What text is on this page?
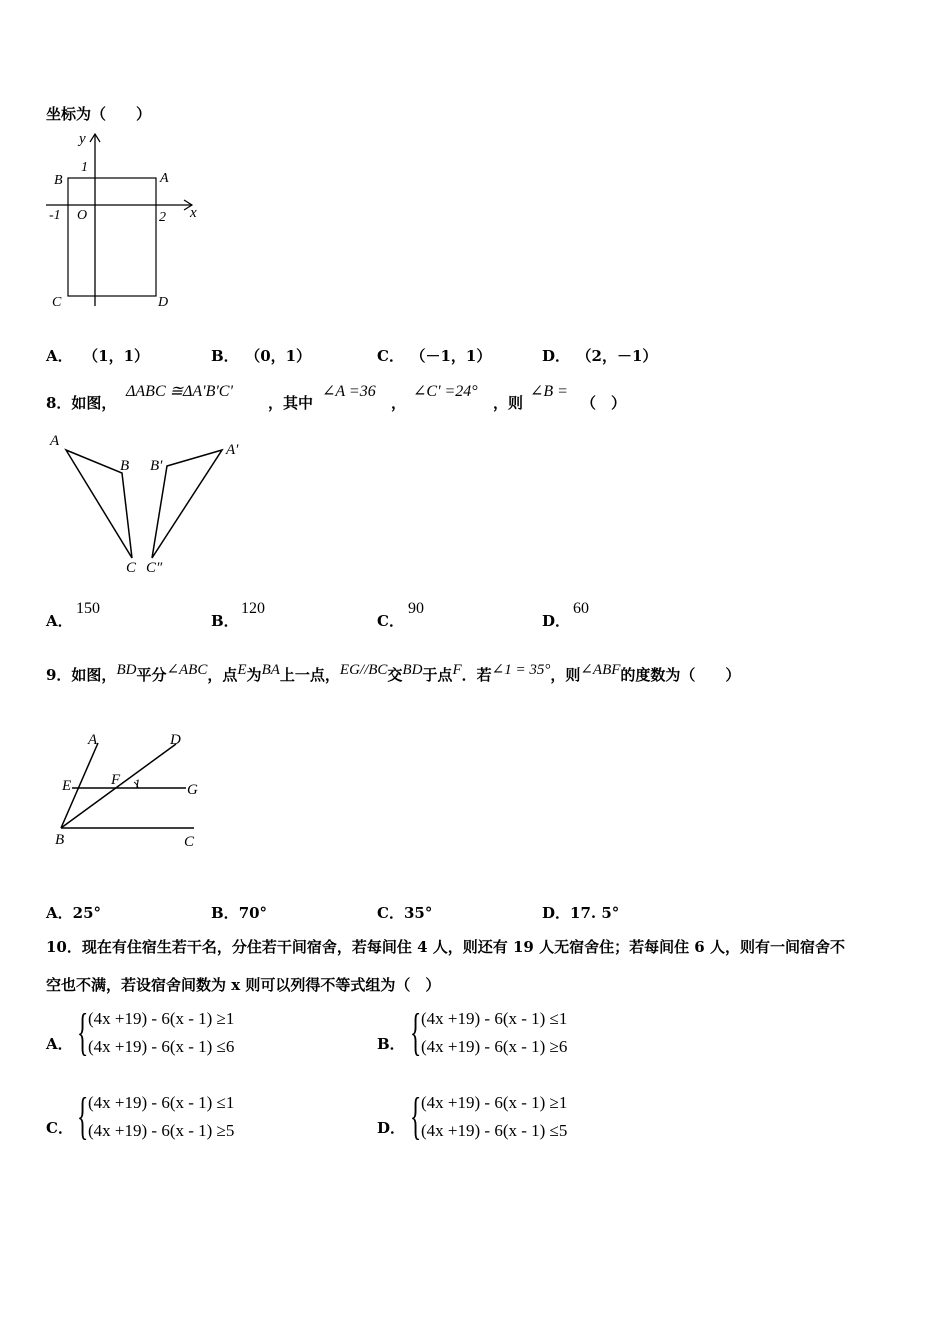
坐标为（　　）
y
1
B	A
-1 O	2 x
C	D
A． （1，1）	B． （0，1）	C． （－1，1）	D． （2，－1）
8．如图，
ΔABC ≅ΔA'B'C'
，其中
∠A =36
，
∠C' =24°
，则
∠B =
（　）
A
B
C
B′
A′
C″
A．
150
B．
120
C．
90
D．
60
9．如图，BD平分∠ABC，点E为BA上一点，EG//BC交BD于点F．若∠1 = 35°，则∠ABF的度数为（　　）
A	D
E	F 1	G
B	C
A．25°	B．70°	C．35°	D．17. 5°
10．现在有住宿生若干名，分住若干间宿舍，若每间住 4 人，则还有 19 人无宿舍住；若每间住 6 人，则有一间宿舍不
空也不满，若设宿舍间数为 x 则可以列得不等式组为（　）
A． { (4x +19) - 6(x - 1) ≥1
(4x +19) - 6(x - 1) ≤6	B． { (4x +19) - 6(x - 1) ≤1
(4x +19) - 6(x - 1) ≥6
C． { (4x +19) - 6(x - 1) ≤1
(4x +19) - 6(x - 1) ≥5	D． { (4x +19) - 6(x - 1) ≥1
(4x +19) - 6(x - 1) ≤5
